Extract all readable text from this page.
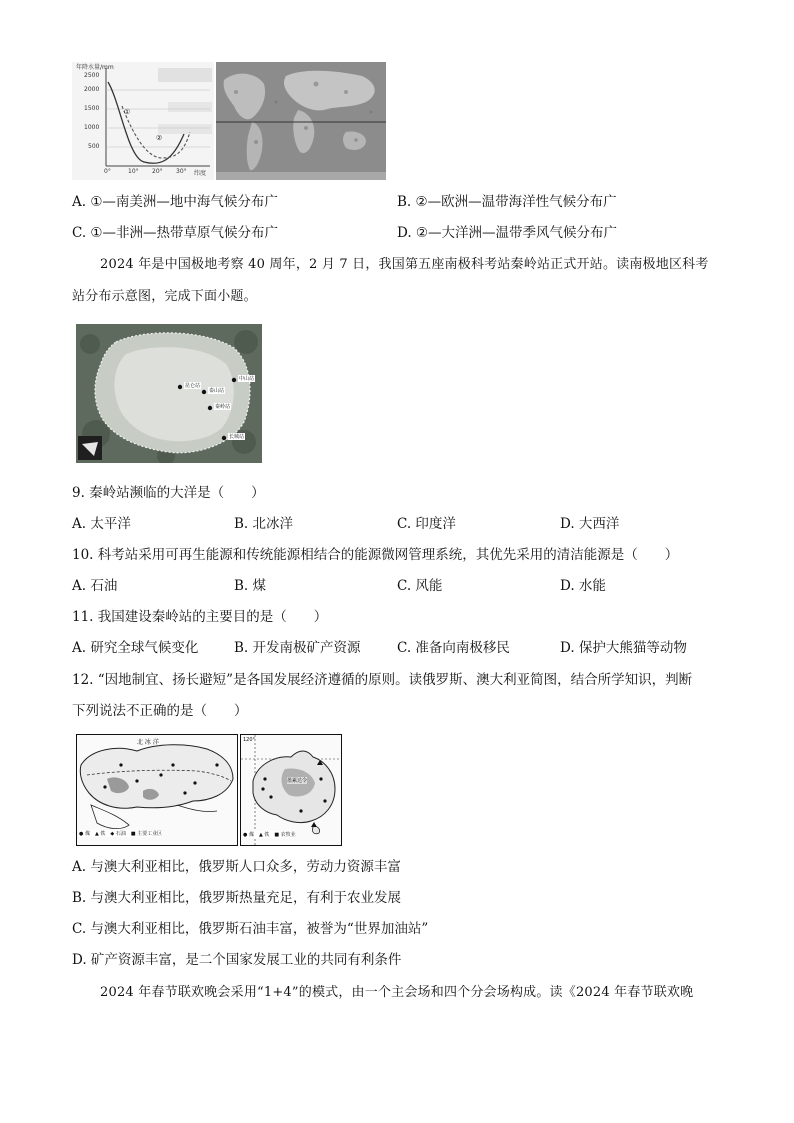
年降水量/mm
2500
2000
1500
1000
500
0°	10° 20° 30° 纬度
①
②
A. ①—南美洲—地中海气候分布广	B. ②—欧洲—温带海洋性气候分布广
C. ①—非洲—热带草原气候分布广	D. ②—大洋洲—温带季风气候分布广
2024 年是中国极地考察 40 周年，2 月 7 日，我国第五座南极科考站秦岭站正式开站。读南极地区科考
站分布示意图，完成下面小题。
昆仑站
中山站
泰山站
长城站
秦岭站
9. 秦岭站濒临的大洋是（　　）
A. 太平洋	B. 北冰洋	C. 印度洋	D. 大西洋
10. 科考站采用可再生能源和传统能源相结合的能源微网管理系统，其优先采用的清洁能源是（　　）
A. 石油	B. 煤	C. 风能	D. 水能
11. 我国建设秦岭站的主要目的是（　　）
A. 研究全球气候变化	B. 开发南极矿产资源	C. 准备向南极移民	D. 保护大熊猫等动物
12. “因地制宜、扬长避短”是各国发展经济遵循的原则。读俄罗斯、澳大利亚简图，结合所学知识，判断
下列说法不正确的是（　　）
北 冰 洋
● 煤　▲ 铁　◆ 石油　■ 主要工业区
120°
墨累达令
● 煤　▲ 铁　■ 农牧业
A. 与澳大利亚相比，俄罗斯人口众多，劳动力资源丰富
B. 与澳大利亚相比，俄罗斯热量充足，有利于农业发展
C. 与澳大利亚相比，俄罗斯石油丰富，被誉为“世界加油站”
D. 矿产资源丰富，是二个国家发展工业的共同有利条件
2024 年春节联欢晚会采用“1+4”的模式，由一个主会场和四个分会场构成。读《2024 年春节联欢晚
